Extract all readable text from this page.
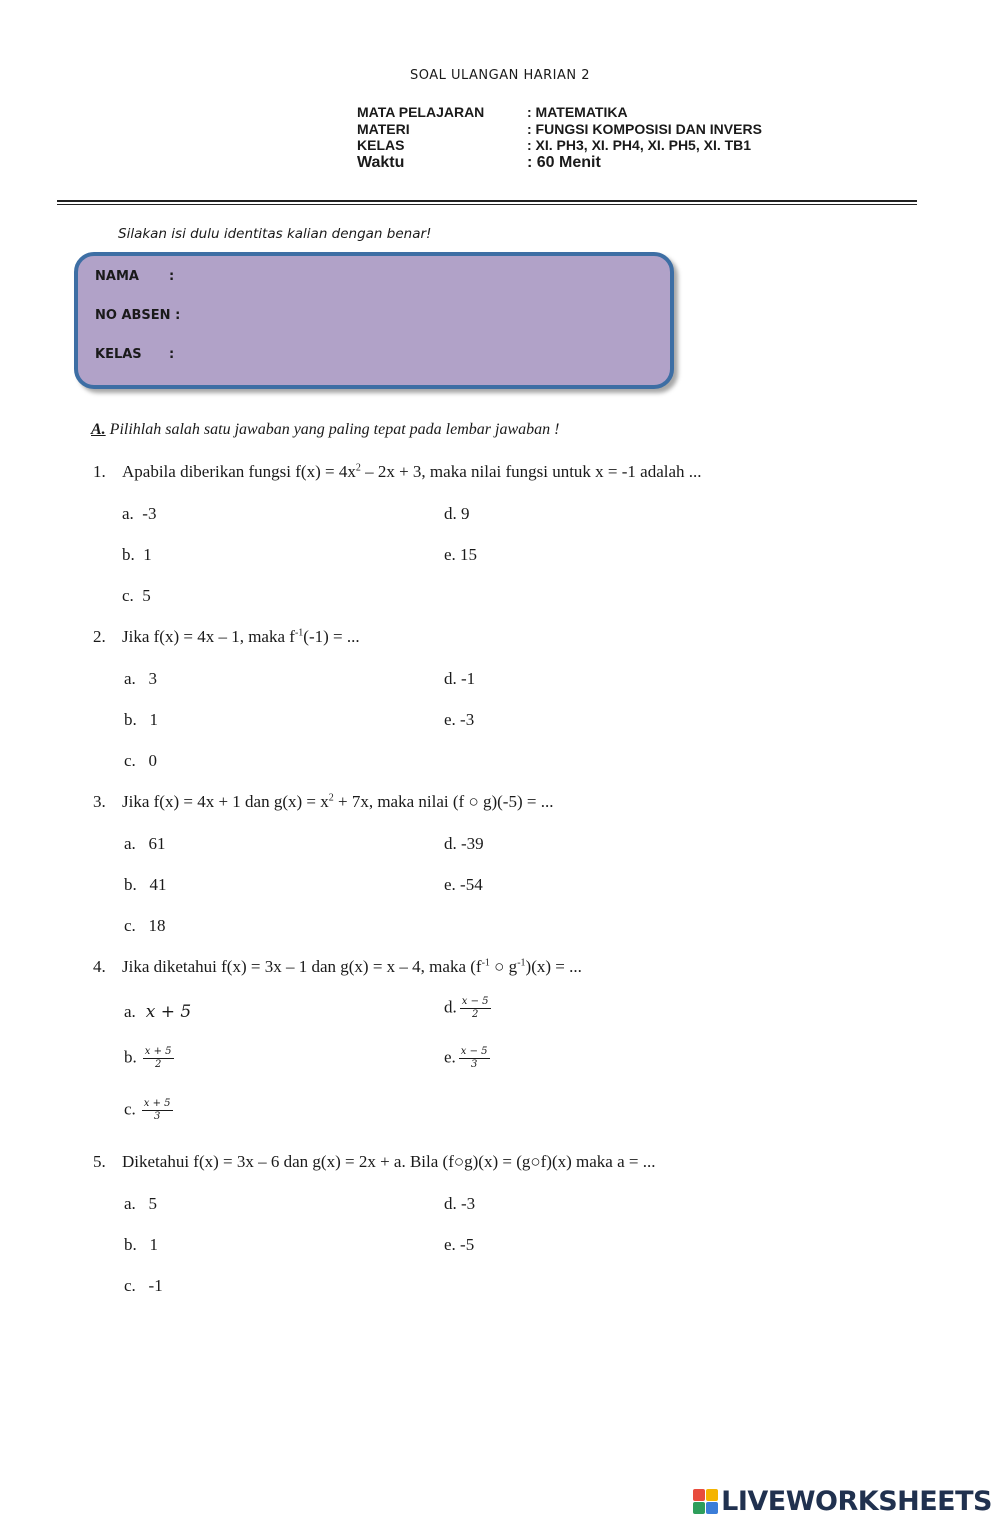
SOAL ULANGAN HARIAN 2
MATA PELAJARAN	: MATEMATIKA
MATERI	: FUNGSI KOMPOSISI DAN INVERS
KELAS	: XI. PH3, XI. PH4, XI. PH5, XI. TB1
Waktu	: 60 Menit
Silakan isi dulu identitas kalian dengan benar!
NAMA :
NO ABSEN :
KELAS :
A. Pilihlah salah satu jawaban yang paling tepat pada lembar jawaban !
1. Apabila diberikan fungsi $f(x) = 4x^2 - 2x + 3$, maka nilai fungsi untuk x = -1 adalah ...
a. -3
b. 1
c. 5
d. 9
e. 15
2. Jika f(x) = 4x – 1, maka $f^{-1}(-1)$ = ...
a. 3
b. 1
c. 0
d. -1
e. -3
3. Jika f(x) = 4x + 1 dan $g(x) = x^2 + 7x$, maka nilai (f ○ g)(-5) = ...
a. 61
b. 41
c. 18
d. -39
e. -54
4. Jika diketahui f(x) = 3x – 1 dan g(x) = x – 4, maka ($f^{-1}$ ○ $g^{-1})(x)$ = ...
a. x + 5
b. $\frac{x + 5}{2}$
c. $\frac{x + 5}{3}$
d. $\frac{x - 5}{2}$
e. $\frac{x - 5}{3}$
5. Diketahui f(x) = 3x – 6 dan g(x) = 2x + a. Bila (f○g)(x) = (g○f)(x) maka a = ...
a. 5
b. 1
c. -1
d. -3
e. -5
LIVEWORKSHEETS
